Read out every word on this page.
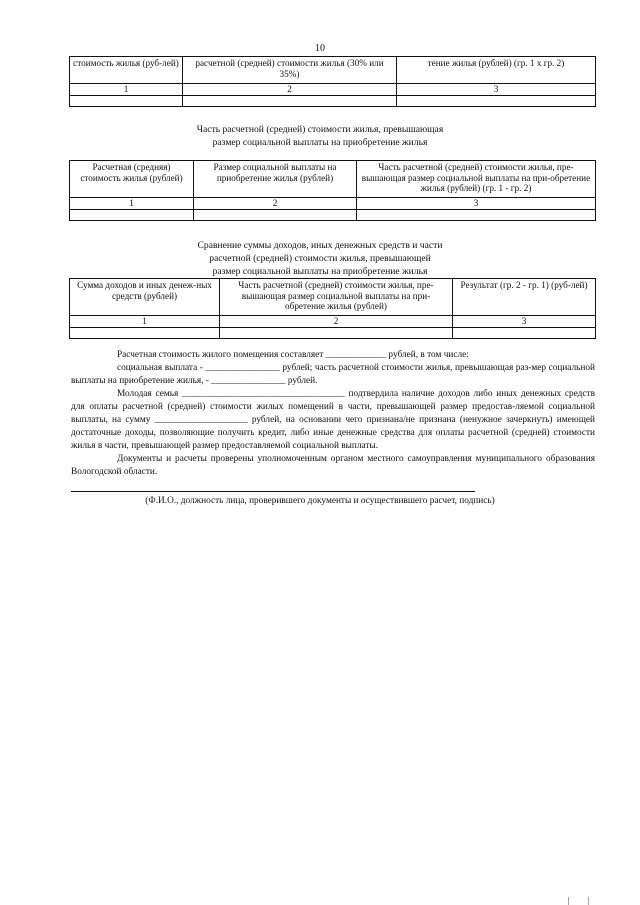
10
стоимость жилья (руб-лей)	расчетной (средней) стоимости жилья (30% или 35%)	тение жилья (рублей) (гр. 1 х гр. 2)
1	2	3

Часть расчетной (средней) стоимости жилья, превышающая
размер социальной выплаты на приобретение жилья
Расчетная (средняя) стоимость жилья (рублей)	Размер социальной выплаты на приобретение жилья (рублей)	Часть расчетной (средней) стоимости жилья, пре-вышающая размер социальной выплаты на при-обретение жилья (рублей) (гр. 1 - гр. 2)
1	2	3

Сравнение суммы доходов, иных денежных средств и части
расчетной (средней) стоимости жилья, превышающей
размер социальной выплаты на приобретение жилья
Сумма доходов и иных денеж-ных средств (рублей)	Часть расчетной (средней) стоимости жилья, пре-вышающая размер социальной выплаты на при-обретение жилья (рублей)	Результат (гр. 2 - гр. 1) (руб-лей)
1	2	3

Расчетная стоимость жилого помещения составляет _____________ рублей, в том числе:

социальная выплата - ________________ рублей; часть расчетной стоимости жилья, превышающая раз-мер социальной выплаты на приобретение жилья, - ________________ рублей.

Молодая семья ___________________________________ подтвердила наличие доходов либо иных денежных средств для оплаты расчетной (средней) стоимости жилых помещений в части, превышающей размер предостав-ляемой социальной выплаты, на сумму ____________________ рублей, на основании чего признана/не признана (ненужное зачеркнуть) имеющей достаточные доходы, позволяющие получить кредит, либо иные денежные средства для оплаты расчетной (средней) стоимости жилья в части, превышающей размер предоставляемой социальной выплаты.

Документы и расчеты проверены уполномоченным органом местного самоуправления муниципального образования Вологодской области.

(Ф.И.О., должность лица, проверившего документы и осуществившего расчет, подпись)
| |
